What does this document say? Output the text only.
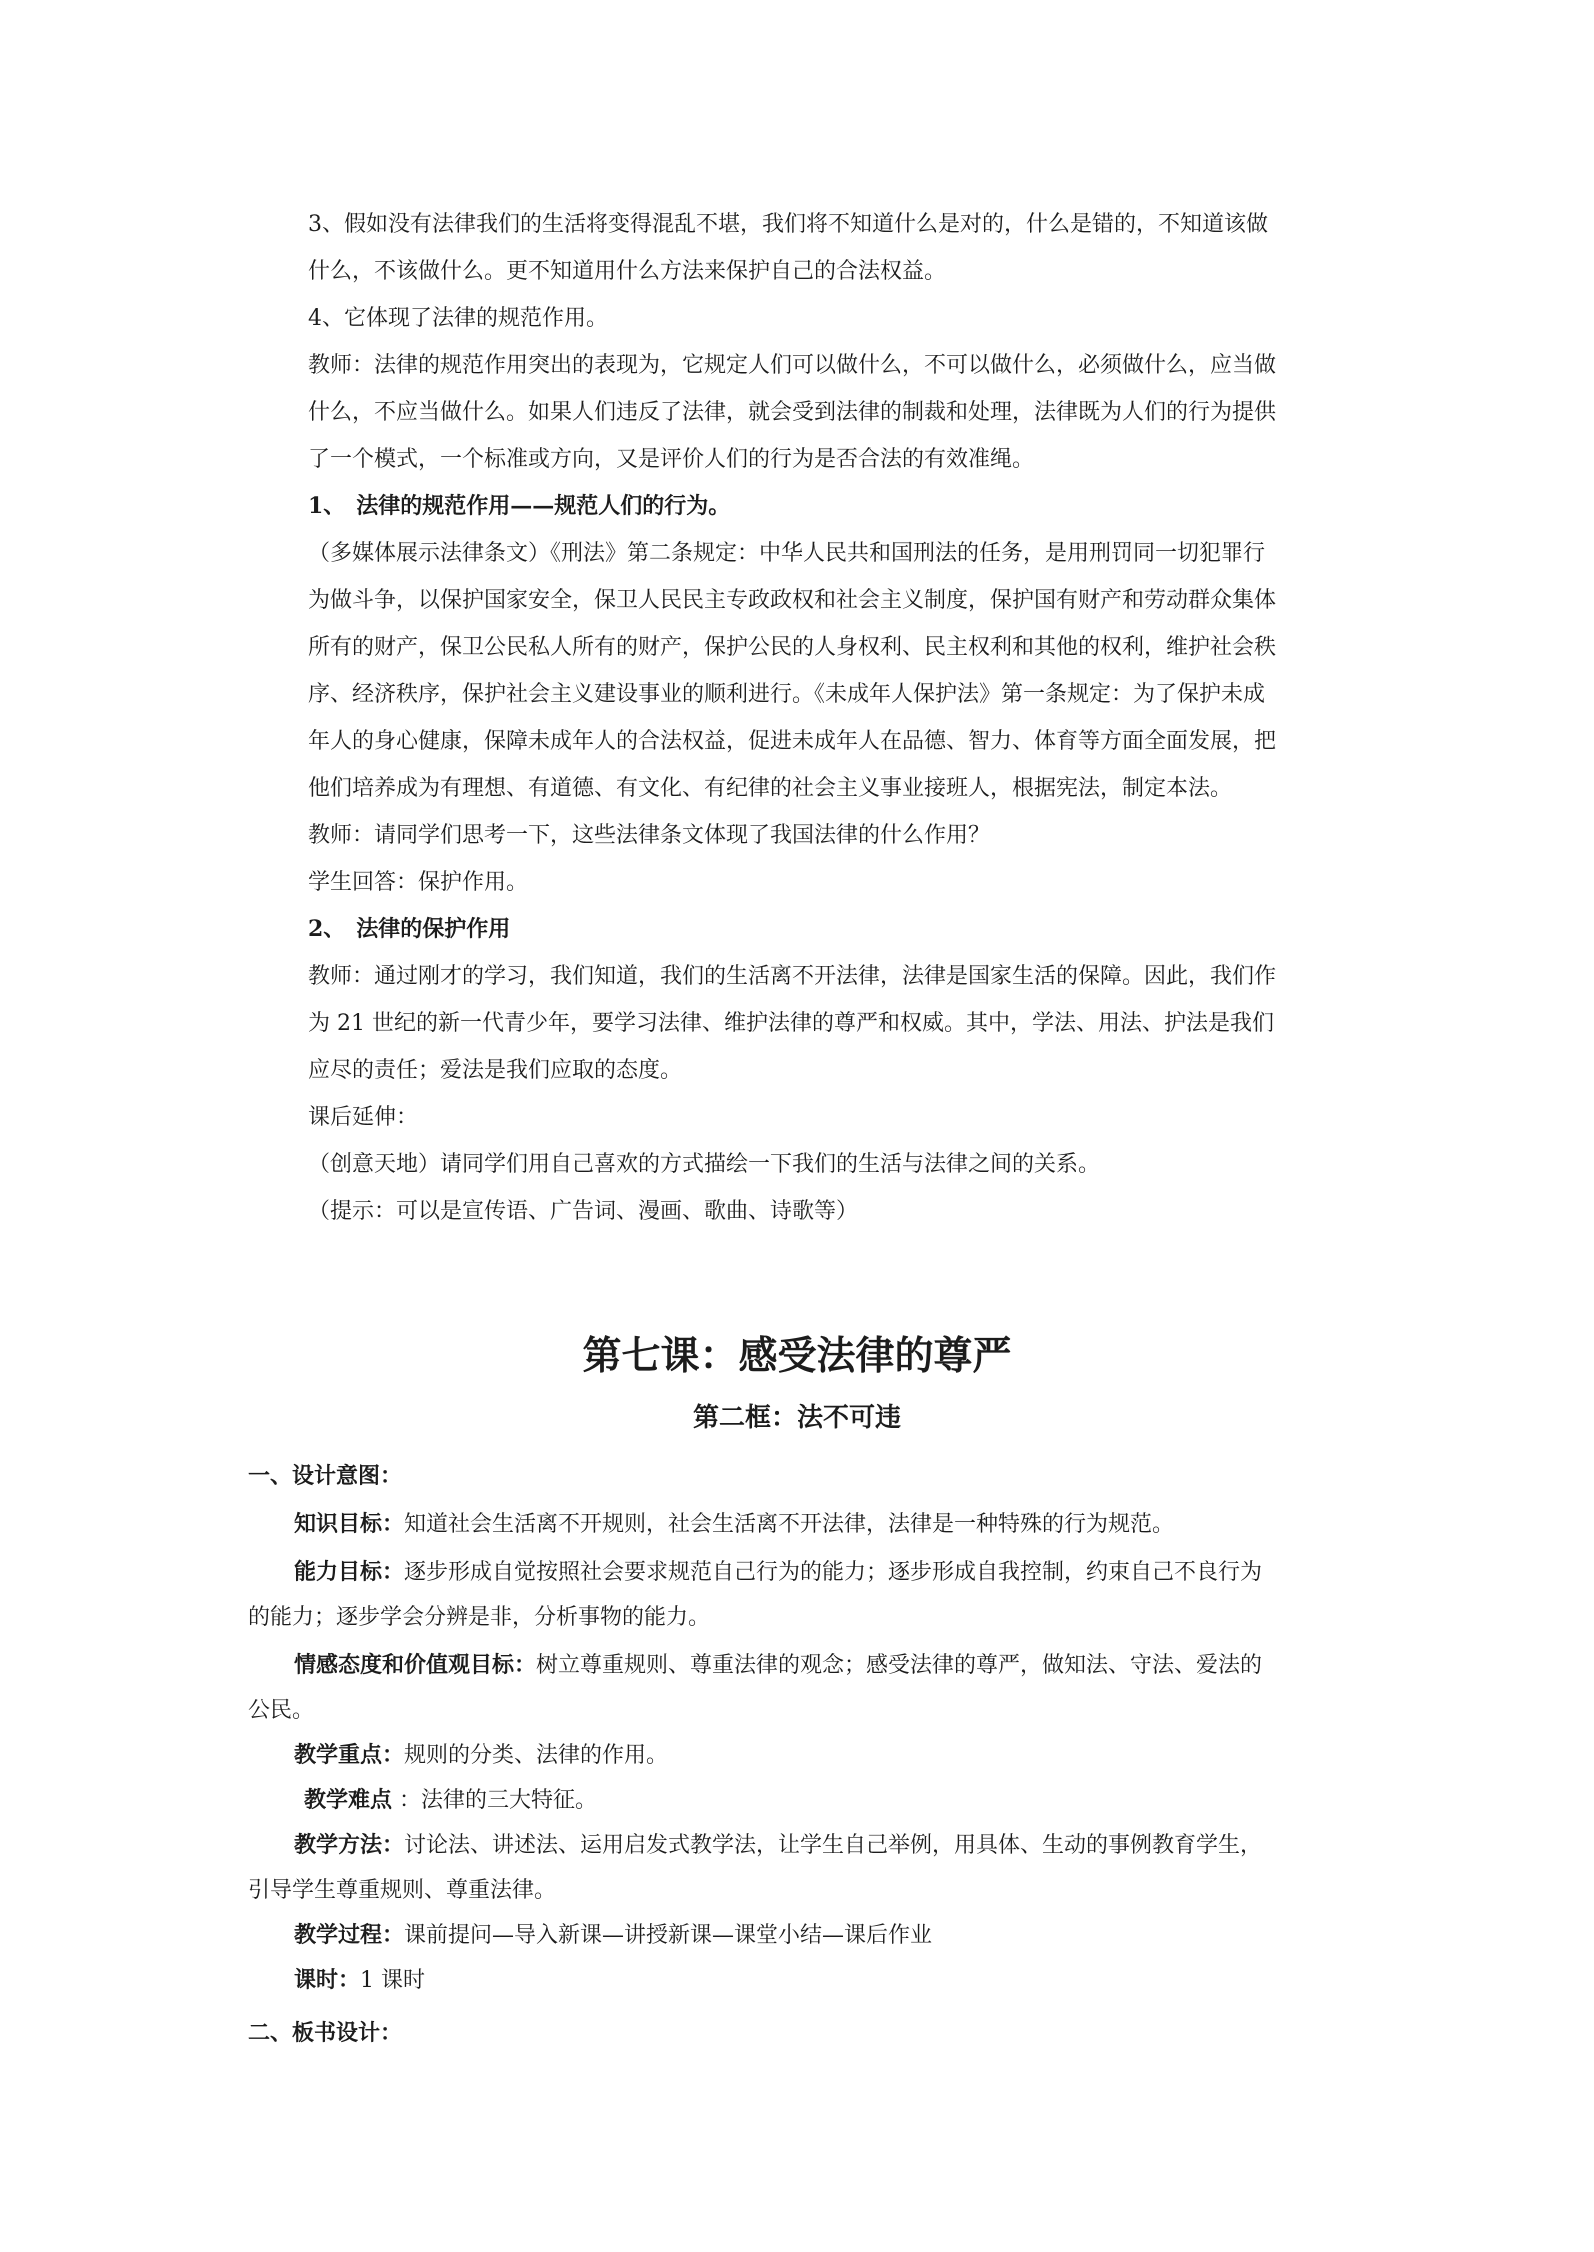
3、假如没有法律我们的生活将变得混乱不堪，我们将不知道什么是对的，什么是错的，不知道该做

什么，不该做什么。更不知道用什么方法来保护自己的合法权益。

4、它体现了法律的规范作用。

教师：法律的规范作用突出的表现为，它规定人们可以做什么，不可以做什么，必须做什么，应当做

什么，不应当做什么。如果人们违反了法律，就会受到法律的制裁和处理，法律既为人们的行为提供

了一个模式，一个标准或方向，又是评价人们的行为是否合法的有效准绳。

1、　法律的规范作用——规范人们的行为。

（多媒体展示法律条文）《刑法》第二条规定：中华人民共和国刑法的任务，是用刑罚同一切犯罪行

为做斗争，以保护国家安全，保卫人民民主专政政权和社会主义制度，保护国有财产和劳动群众集体

所有的财产，保卫公民私人所有的财产，保护公民的人身权利、民主权利和其他的权利，维护社会秩

序、经济秩序，保护社会主义建设事业的顺利进行。《未成年人保护法》第一条规定：为了保护未成

年人的身心健康，保障未成年人的合法权益，促进未成年人在品德、智力、体育等方面全面发展，把

他们培养成为有理想、有道德、有文化、有纪律的社会主义事业接班人，根据宪法，制定本法。

教师：请同学们思考一下，这些法律条文体现了我国法律的什么作用？

学生回答：保护作用。

2、　法律的保护作用

教师：通过刚才的学习，我们知道，我们的生活离不开法律，法律是国家生活的保障。因此，我们作

为 21 世纪的新一代青少年，要学习法律、维护法律的尊严和权威。其中，学法、用法、护法是我们

应尽的责任；爱法是我们应取的态度。

课后延伸：

（创意天地）请同学们用自己喜欢的方式描绘一下我们的生活与法律之间的关系。

（提示：可以是宣传语、广告词、漫画、歌曲、诗歌等）

第七课：感受法律的尊严
第二框：法不可违

一、设计意图：

知识目标：知道社会生活离不开规则，社会生活离不开法律，法律是一种特殊的行为规范。

能力目标：逐步形成自觉按照社会要求规范自己行为的能力；逐步形成自我控制，约束自己不良行为

的能力；逐步学会分辨是非，分析事物的能力。

情感态度和价值观目标：树立尊重规则、尊重法律的观念；感受法律的尊严，做知法、守法、爱法的

公民。

教学重点：规则的分类、法律的作用。

教学难点 ：法律的三大特征。

教学方法：讨论法、讲述法、运用启发式教学法，让学生自己举例，用具体、生动的事例教育学生，

引导学生尊重规则、尊重法律。

教学过程：课前提问—导入新课—讲授新课—课堂小结—课后作业

课时：1 课时

二、板书设计：
